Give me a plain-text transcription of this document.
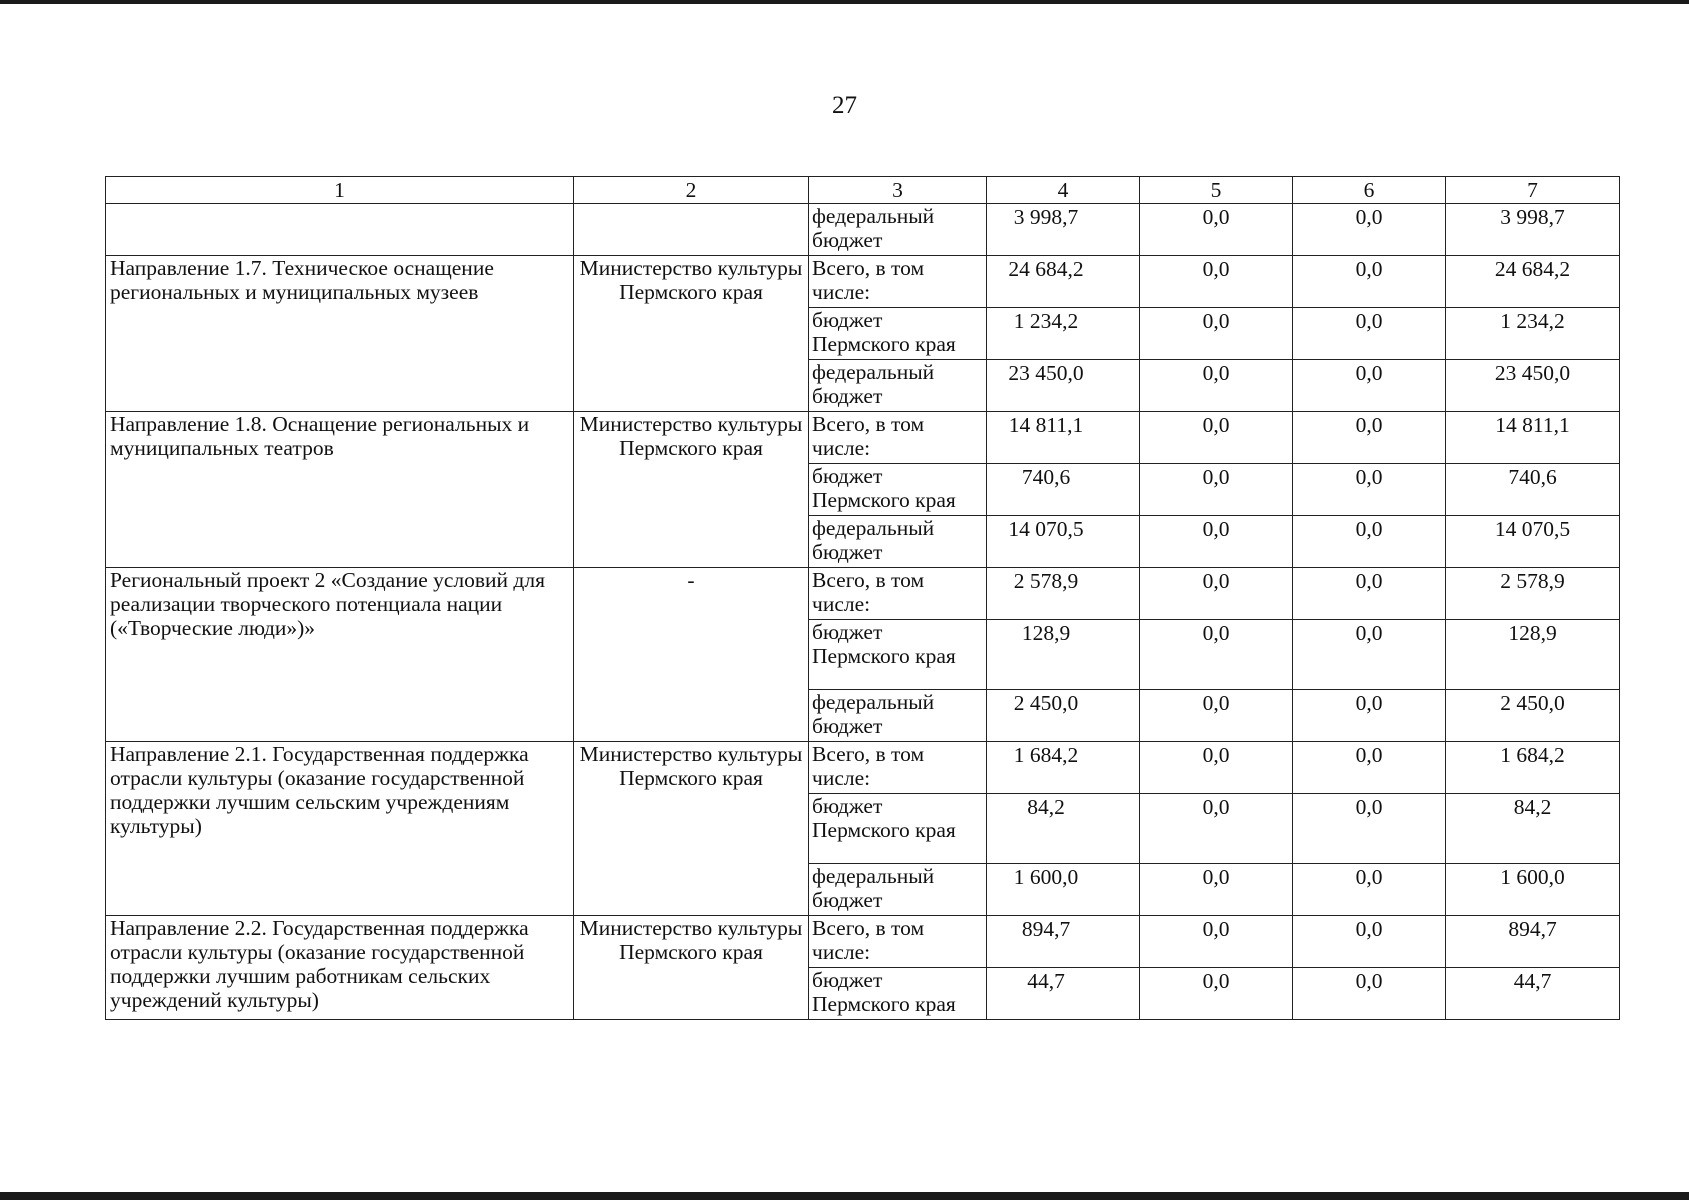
27
1	2	3	4	5	6	7
		федеральный бюджет	3 998,7	0,0	0,0	3 998,7
Направление 1.7. Техническое оснащение региональных и муниципальных музеев	Министерство культуры Пермского края	Всего, в том числе:	24 684,2	0,0	0,0	24 684,2
		бюджет Пермского края	1 234,2	0,0	0,0	1 234,2
		федеральный бюджет	23 450,0	0,0	0,0	23 450,0
Направление 1.8. Оснащение региональных и муниципальных театров	Министерство культуры Пермского края	Всего, в том числе:	14 811,1	0,0	0,0	14 811,1
		бюджет Пермского края	740,6	0,0	0,0	740,6
		федеральный бюджет	14 070,5	0,0	0,0	14 070,5
Региональный проект 2 «Создание условий для реализации творческого потенциала нации («Творческие люди»)»	-	Всего, в том числе:	2 578,9	0,0	0,0	2 578,9
		бюджет Пермского края	128,9	0,0	0,0	128,9
		федеральный бюджет	2 450,0	0,0	0,0	2 450,0
Направление 2.1. Государственная поддержка отрасли культуры (оказание государственной поддержки лучшим сельским учреждениям культуры)	Министерство культуры Пермского края	Всего, в том числе:	1 684,2	0,0	0,0	1 684,2
		бюджет Пермского края	84,2	0,0	0,0	84,2
		федеральный бюджет	1 600,0	0,0	0,0	1 600,0
Направление 2.2. Государственная поддержка отрасли культуры (оказание государственной поддержки лучшим работникам сельских учреждений культуры)	Министерство культуры Пермского края	Всего, в том числе:	894,7	0,0	0,0	894,7
		бюджет Пермского края	44,7	0,0	0,0	44,7
